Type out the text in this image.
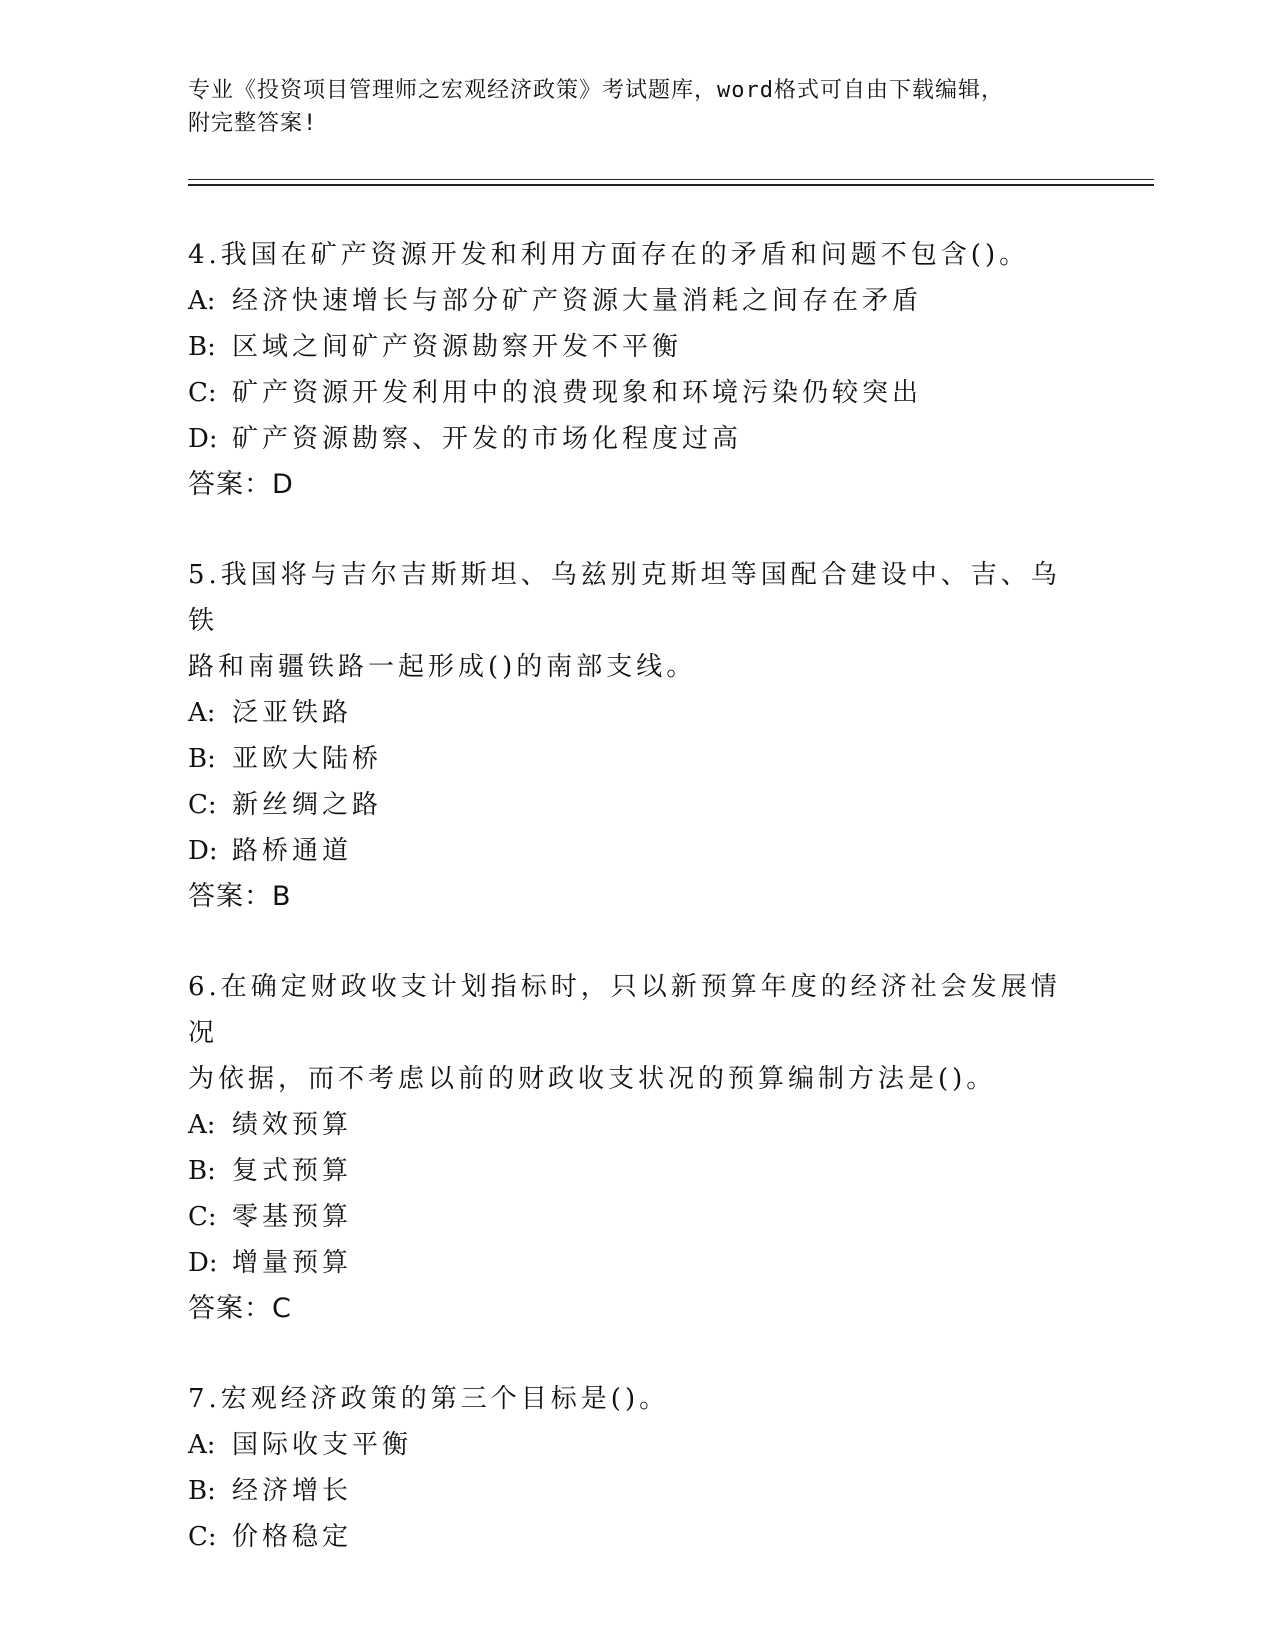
专业《投资项目管理师之宏观经济政策》考试题库，word格式可自由下载编辑，
附完整答案!
4.我国在矿产资源开发和利用方面存在的矛盾和问题不包含()。
A: 经济快速增长与部分矿产资源大量消耗之间存在矛盾
B: 区域之间矿产资源勘察开发不平衡
C: 矿产资源开发利用中的浪费现象和环境污染仍较突出
D: 矿产资源勘察、开发的市场化程度过高
答案：D
5.我国将与吉尔吉斯斯坦、乌兹别克斯坦等国配合建设中、吉、乌铁
路和南疆铁路一起形成()的南部支线。
A: 泛亚铁路
B: 亚欧大陆桥
C: 新丝绸之路
D: 路桥通道
答案：B
6.在确定财政收支计划指标时，只以新预算年度的经济社会发展情况
为依据，而不考虑以前的财政收支状况的预算编制方法是()。
A: 绩效预算
B: 复式预算
C: 零基预算
D: 增量预算
答案：C
7.宏观经济政策的第三个目标是()。
A: 国际收支平衡
B: 经济增长
C: 价格稳定
